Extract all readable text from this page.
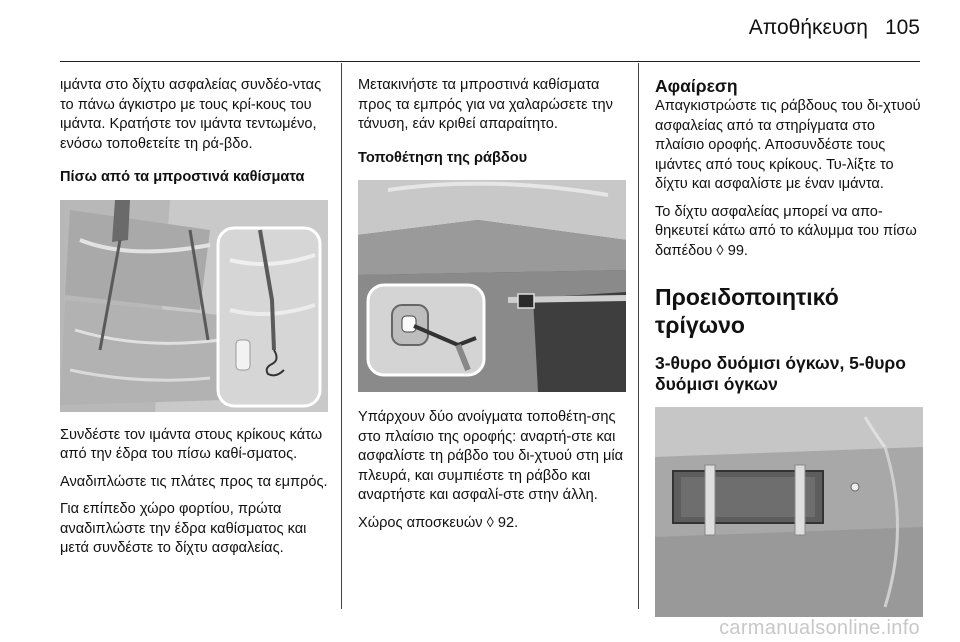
Αποθήκευση 105

ιμάντα στο δίχτυ ασφαλείας συνδέο-ντας το πάνω άγκιστρο με τους κρί-κους του ιμάντα. Κρατήστε τον ιμάντα τεντωμένο, ενόσω τοποθετείτε τη ρά-βδο.

Πίσω από τα μπροστινά καθίσματα

Συνδέστε τον ιμάντα στους κρίκους κάτω από την έδρα του πίσω καθί-σματος.

Αναδιπλώστε τις πλάτες προς τα εμπρός.

Για επίπεδο χώρο φορτίου, πρώτα αναδιπλώστε την έδρα καθίσματος και μετά συνδέστε το δίχτυ ασφαλείας.

Μετακινήστε τα μπροστινά καθίσματα προς τα εμπρός για να χαλαρώσετε την τάνυση, εάν κριθεί απαραίτητο.

Τοποθέτηση της ράβδου

Υπάρχουν δύο ανοίγματα τοποθέτη-σης στο πλαίσιο της οροφής: αναρτή-στε και ασφαλίστε τη ράβδο του δι-χτυού στη μία πλευρά, και συμπιέστε τη ράβδο και αναρτήστε και ασφαλί-στε στην άλλη.

Χώρος αποσκευών ◊ 92.

Αφαίρεση

Απαγκιστρώστε τις ράβδους του δι-χτυού ασφαλείας από τα στηρίγματα στο πλαίσιο οροφής. Αποσυνδέστε τους ιμάντες από τους κρίκους. Τυ-λίξτε το δίχτυ και ασφαλίστε με έναν ιμάντα.

Το δίχτυ ασφαλείας μπορεί να απο-θηκευτεί κάτω από το κάλυμμα του πίσω δαπέδου ◊ 99.

Προειδοποιητικό τρίγωνο
3-θυρο δυόμισι όγκων, 5-θυρο δυόμισι όγκων
carmanualsonline.info
